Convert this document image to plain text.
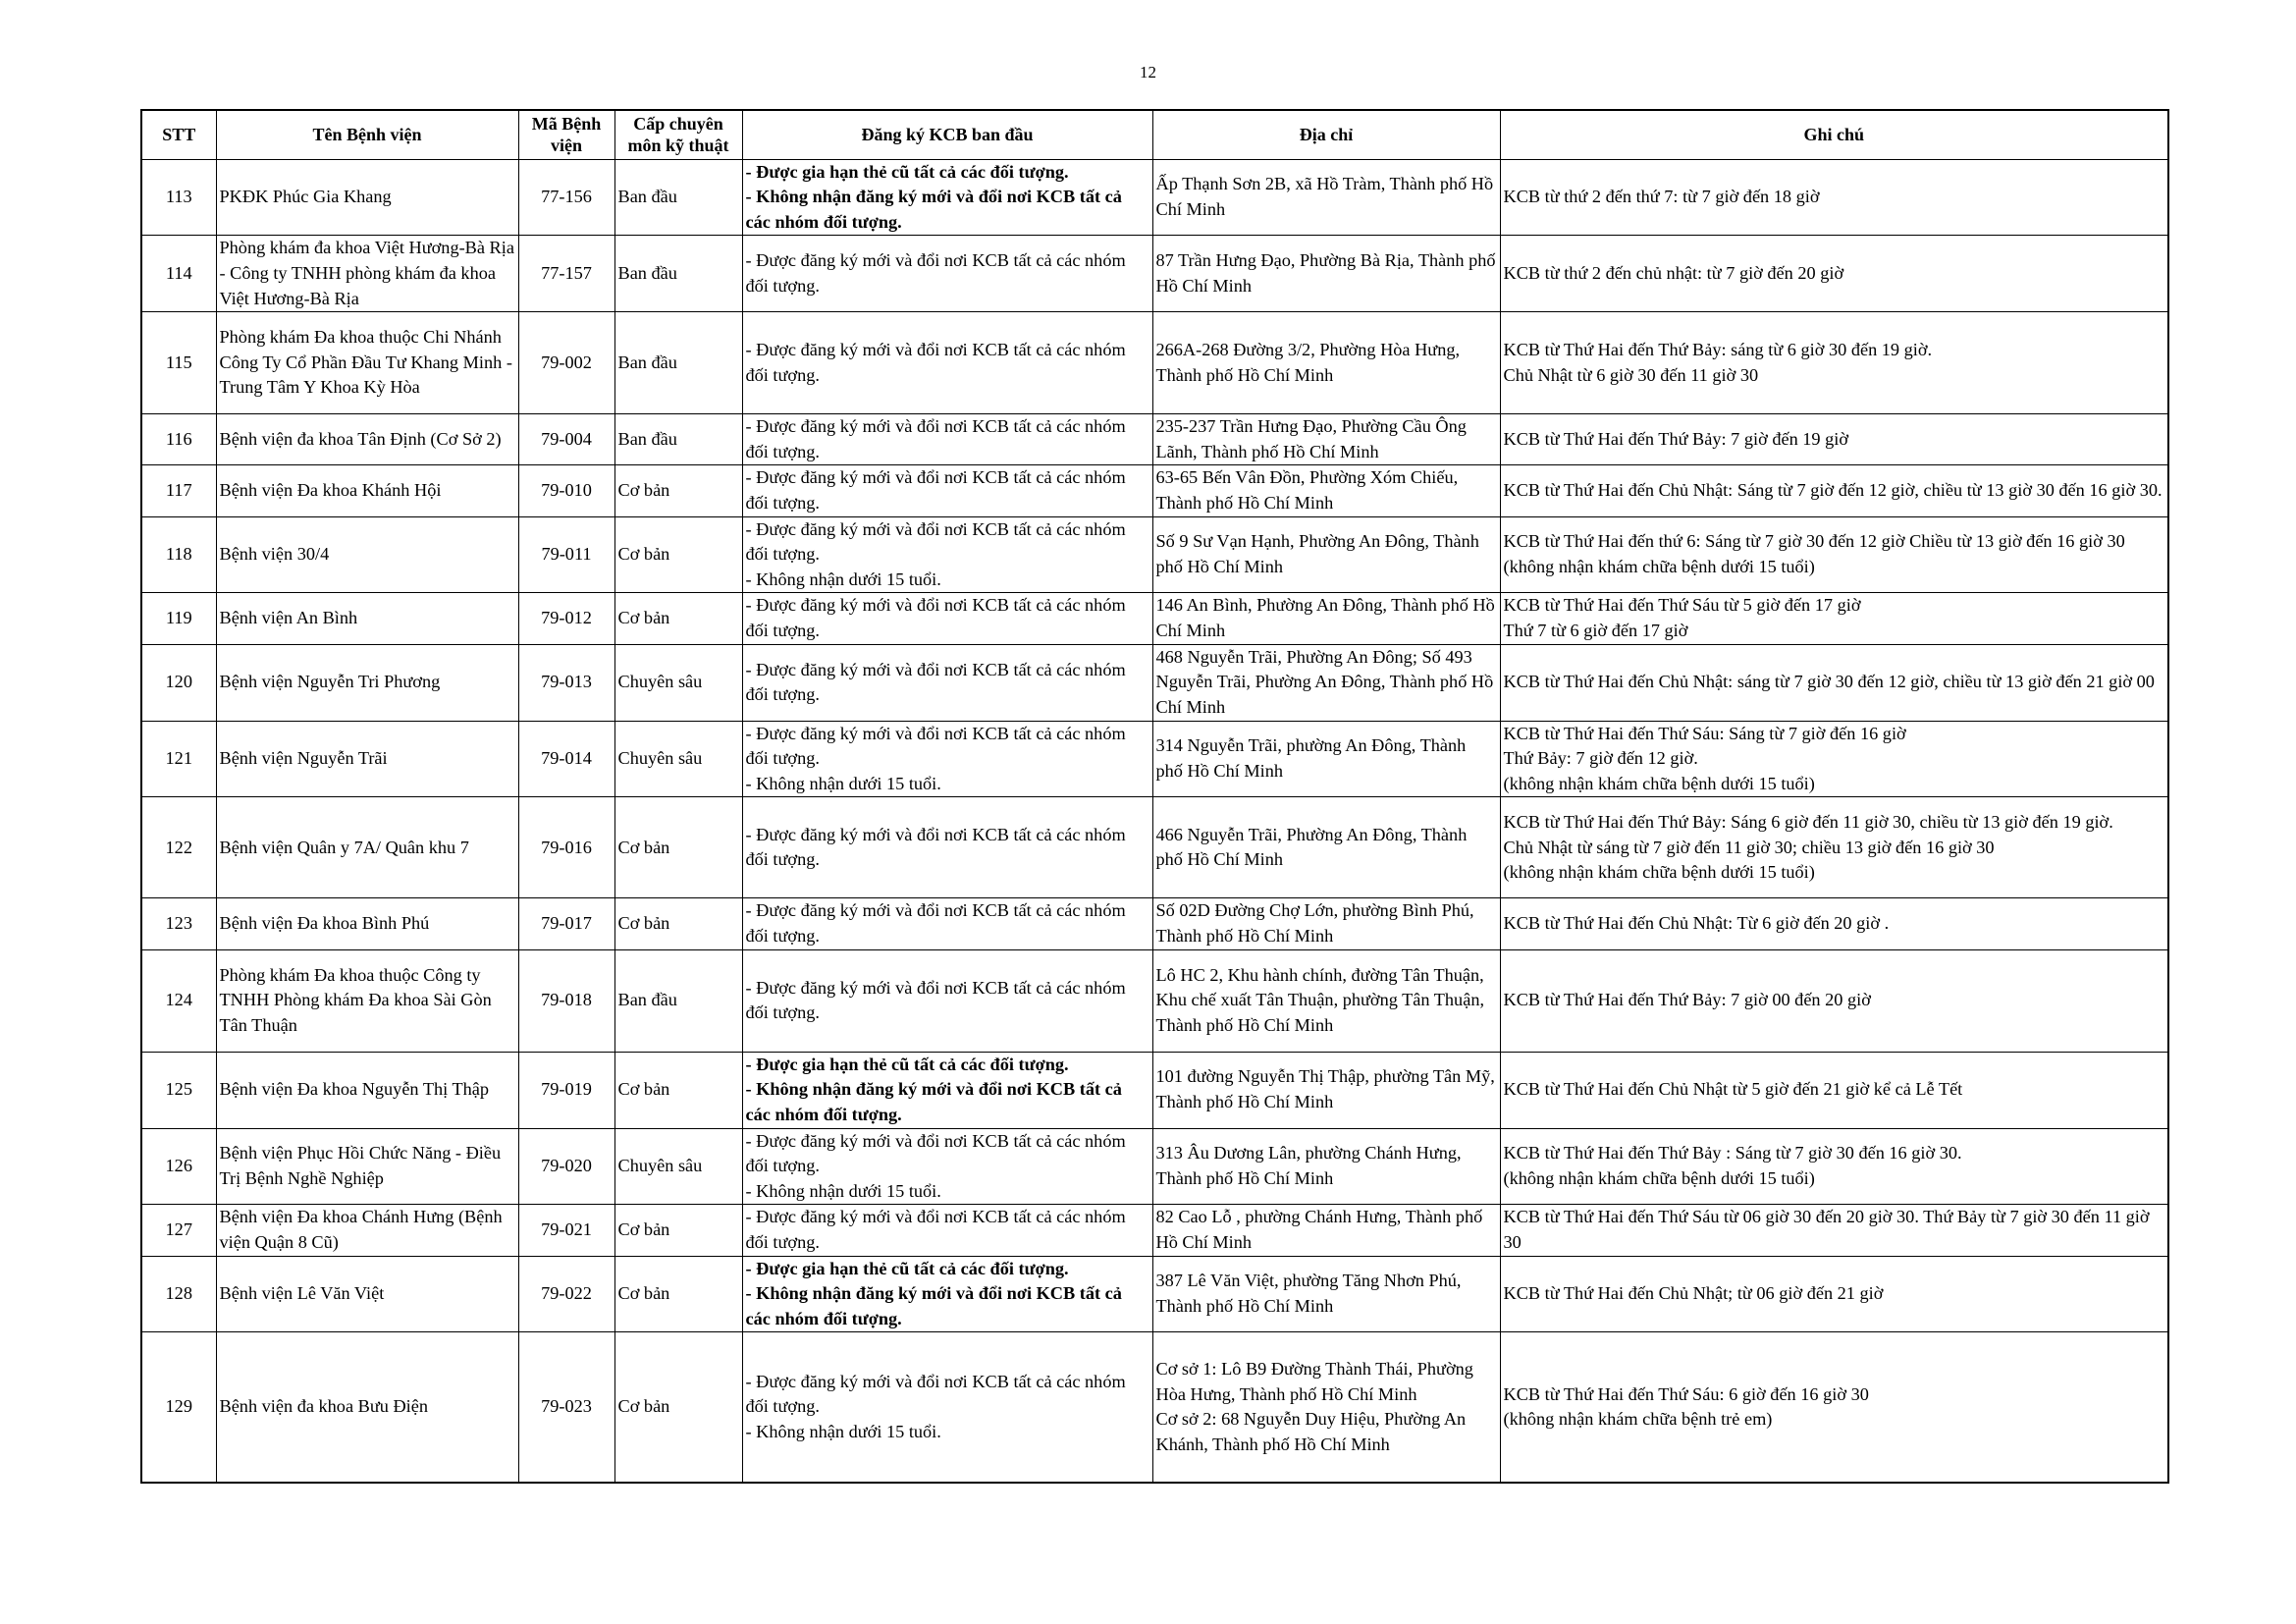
12
STT	Tên Bệnh viện	Mã Bệnh viện	Cấp chuyên môn kỹ thuật	Đăng ký KCB ban đầu	Địa chỉ	Ghi chú
113	PKĐK Phúc Gia Khang	77-156	Ban đầu	- Được gia hạn thẻ cũ tất cả các đối tượng.
- Không nhận đăng ký mới và đổi nơi KCB tất cả các nhóm đối tượng.	Ấp Thạnh Sơn 2B, xã Hồ Tràm, Thành phố Hồ Chí Minh	KCB từ thứ 2 đến thứ 7: từ 7 giờ đến 18 giờ

114	Phòng khám đa khoa Việt Hương-Bà Rịa - Công ty TNHH phòng khám đa khoa Việt Hương-Bà Rịa	77-157	Ban đầu	- Được đăng ký mới và đổi nơi KCB tất cả các nhóm đối tượng.	87 Trần Hưng Đạo, Phường Bà Rịa, Thành phố Hồ Chí Minh	KCB từ thứ 2 đến chủ nhật: từ 7 giờ đến 20 giờ

115	Phòng khám Đa khoa thuộc Chi Nhánh Công Ty Cổ Phần Đầu Tư Khang Minh - Trung Tâm Y Khoa Kỳ Hòa	79-002	Ban đầu	- Được đăng ký mới và đổi nơi KCB tất cả các nhóm đối tượng.	266A-268 Đường 3/2, Phường Hòa Hưng, Thành phố Hồ Chí Minh	KCB từ Thứ Hai đến Thứ Bảy: sáng từ 6 giờ 30 đến 19 giờ.
Chủ Nhật từ 6 giờ 30 đến 11 giờ 30

116	Bệnh viện đa khoa Tân Định (Cơ Sở 2)	79-004	Ban đầu	- Được đăng ký mới và đổi nơi KCB tất cả các nhóm đối tượng.	235-237 Trần Hưng Đạo, Phường Cầu Ông Lãnh, Thành phố Hồ Chí Minh	KCB từ Thứ Hai đến Thứ Bảy: 7 giờ đến 19 giờ

117	Bệnh viện Đa khoa Khánh Hội	79-010	Cơ bản	- Được đăng ký mới và đổi nơi KCB tất cả các nhóm đối tượng.	63-65 Bến Vân Đồn, Phường Xóm Chiếu, Thành phố Hồ Chí Minh	KCB từ Thứ Hai đến Chủ Nhật: Sáng từ 7 giờ đến 12 giờ, chiều từ 13 giờ 30 đến 16 giờ 30.

118	Bệnh viện 30/4	79-011	Cơ bản	- Được đăng ký mới và đổi nơi KCB tất cả các nhóm đối tượng.
- Không nhận dưới 15 tuổi.	Số 9 Sư Vạn Hạnh, Phường An Đông, Thành phố Hồ Chí Minh	KCB từ Thứ Hai đến thứ 6: Sáng từ 7 giờ 30 đến 12 giờ Chiều từ 13 giờ đến 16 giờ 30
(không nhận khám chữa bệnh dưới 15 tuổi)

119	Bệnh viện An Bình	79-012	Cơ bản	- Được đăng ký mới và đổi nơi KCB tất cả các nhóm đối tượng.	146 An Bình, Phường An Đông, Thành phố Hồ Chí Minh	KCB từ Thứ Hai đến Thứ Sáu từ 5 giờ đến 17 giờ
Thứ 7 từ 6 giờ đến 17 giờ

120	Bệnh viện Nguyễn Tri Phương	79-013	Chuyên sâu	- Được đăng ký mới và đổi nơi KCB tất cả các nhóm đối tượng.	468 Nguyễn Trãi, Phường An Đông; Số 493 Nguyễn Trãi, Phường An Đông, Thành phố Hồ Chí Minh	KCB từ Thứ Hai đến Chủ Nhật: sáng từ 7 giờ 30 đến 12 giờ, chiều từ 13 giờ đến 21 giờ 00

121	Bệnh viện Nguyễn Trãi	79-014	Chuyên sâu	- Được đăng ký mới và đổi nơi KCB tất cả các nhóm đối tượng.
- Không nhận dưới 15 tuổi.	314 Nguyễn Trãi, phường An Đông, Thành phố Hồ Chí Minh	KCB từ Thứ Hai đến Thứ Sáu: Sáng từ 7 giờ đến 16 giờ
Thứ Bảy: 7 giờ đến 12 giờ.
(không nhận khám chữa bệnh dưới 15 tuổi)

122	Bệnh viện Quân y 7A/ Quân khu 7	79-016	Cơ bản	- Được đăng ký mới và đổi nơi KCB tất cả các nhóm đối tượng.	466 Nguyễn Trãi, Phường An Đông, Thành phố Hồ Chí Minh	KCB từ Thứ Hai đến Thứ Bảy: Sáng 6 giờ đến 11 giờ 30, chiều từ 13 giờ đến 19 giờ.
Chủ Nhật từ sáng từ 7 giờ đến 11 giờ 30; chiều 13 giờ đến 16 giờ 30
(không nhận khám chữa bệnh dưới 15 tuổi)

123	Bệnh viện Đa khoa Bình Phú	79-017	Cơ bản	- Được đăng ký mới và đổi nơi KCB tất cả các nhóm đối tượng.	Số 02D Đường Chợ Lớn, phường Bình Phú, Thành phố Hồ Chí Minh	KCB từ Thứ Hai đến Chủ Nhật: Từ 6 giờ đến 20 giờ .

124	Phòng khám Đa khoa thuộc Công ty TNHH Phòng khám Đa khoa Sài Gòn Tân Thuận	79-018	Ban đầu	- Được đăng ký mới và đổi nơi KCB tất cả các nhóm đối tượng.	Lô HC 2, Khu hành chính, đường Tân Thuận, Khu chế xuất Tân Thuận, phường Tân Thuận, Thành phố Hồ Chí Minh	KCB từ Thứ Hai đến Thứ Bảy: 7 giờ 00 đến 20 giờ

125	Bệnh viện Đa khoa Nguyễn Thị Thập	79-019	Cơ bản	- Được gia hạn thẻ cũ tất cả các đối tượng.
- Không nhận đăng ký mới và đổi nơi KCB tất cả các nhóm đối tượng.	101 đường Nguyễn Thị Thập, phường Tân Mỹ, Thành phố Hồ Chí Minh	KCB từ Thứ Hai đến Chủ Nhật từ 5 giờ đến 21 giờ kể cả Lễ Tết

126	Bệnh viện Phục Hồi Chức Năng - Điều Trị Bệnh Nghề Nghiệp	79-020	Chuyên sâu	- Được đăng ký mới và đổi nơi KCB tất cả các nhóm đối tượng.
- Không nhận dưới 15 tuổi.	313 Âu Dương Lân, phường Chánh Hưng, Thành phố Hồ Chí Minh	KCB từ Thứ Hai đến Thứ Bảy : Sáng từ 7 giờ 30 đến 16 giờ 30.
(không nhận khám chữa bệnh dưới 15 tuổi)

127	Bệnh viện Đa khoa Chánh Hưng (Bệnh viện Quận 8 Cũ)	79-021	Cơ bản	- Được đăng ký mới và đổi nơi KCB tất cả các nhóm đối tượng.	82 Cao Lỗ , phường Chánh Hưng, Thành phố Hồ Chí Minh	KCB từ Thứ Hai đến Thứ Sáu từ 06 giờ 30 đến 20 giờ 30. Thứ Bảy từ 7 giờ 30 đến 11 giờ 30

128	Bệnh viện Lê Văn Việt	79-022	Cơ bản	- Được gia hạn thẻ cũ tất cả các đối tượng.
- Không nhận đăng ký mới và đổi nơi KCB tất cả các nhóm đối tượng.	387 Lê Văn Việt, phường Tăng Nhơn Phú, Thành phố Hồ Chí Minh	KCB từ Thứ Hai đến Chủ Nhật; từ 06 giờ đến 21 giờ

129	Bệnh viện đa khoa Bưu Điện	79-023	Cơ bản	- Được đăng ký mới và đổi nơi KCB tất cả các nhóm đối tượng.
- Không nhận dưới 15 tuổi.	Cơ sở 1: Lô B9 Đường Thành Thái, Phường Hòa Hưng, Thành phố Hồ Chí Minh
Cơ sở 2: 68 Nguyễn Duy Hiệu, Phường An Khánh, Thành phố Hồ Chí Minh	KCB từ Thứ Hai đến Thứ Sáu: 6 giờ đến 16 giờ 30
(không nhận khám chữa bệnh trẻ em)
